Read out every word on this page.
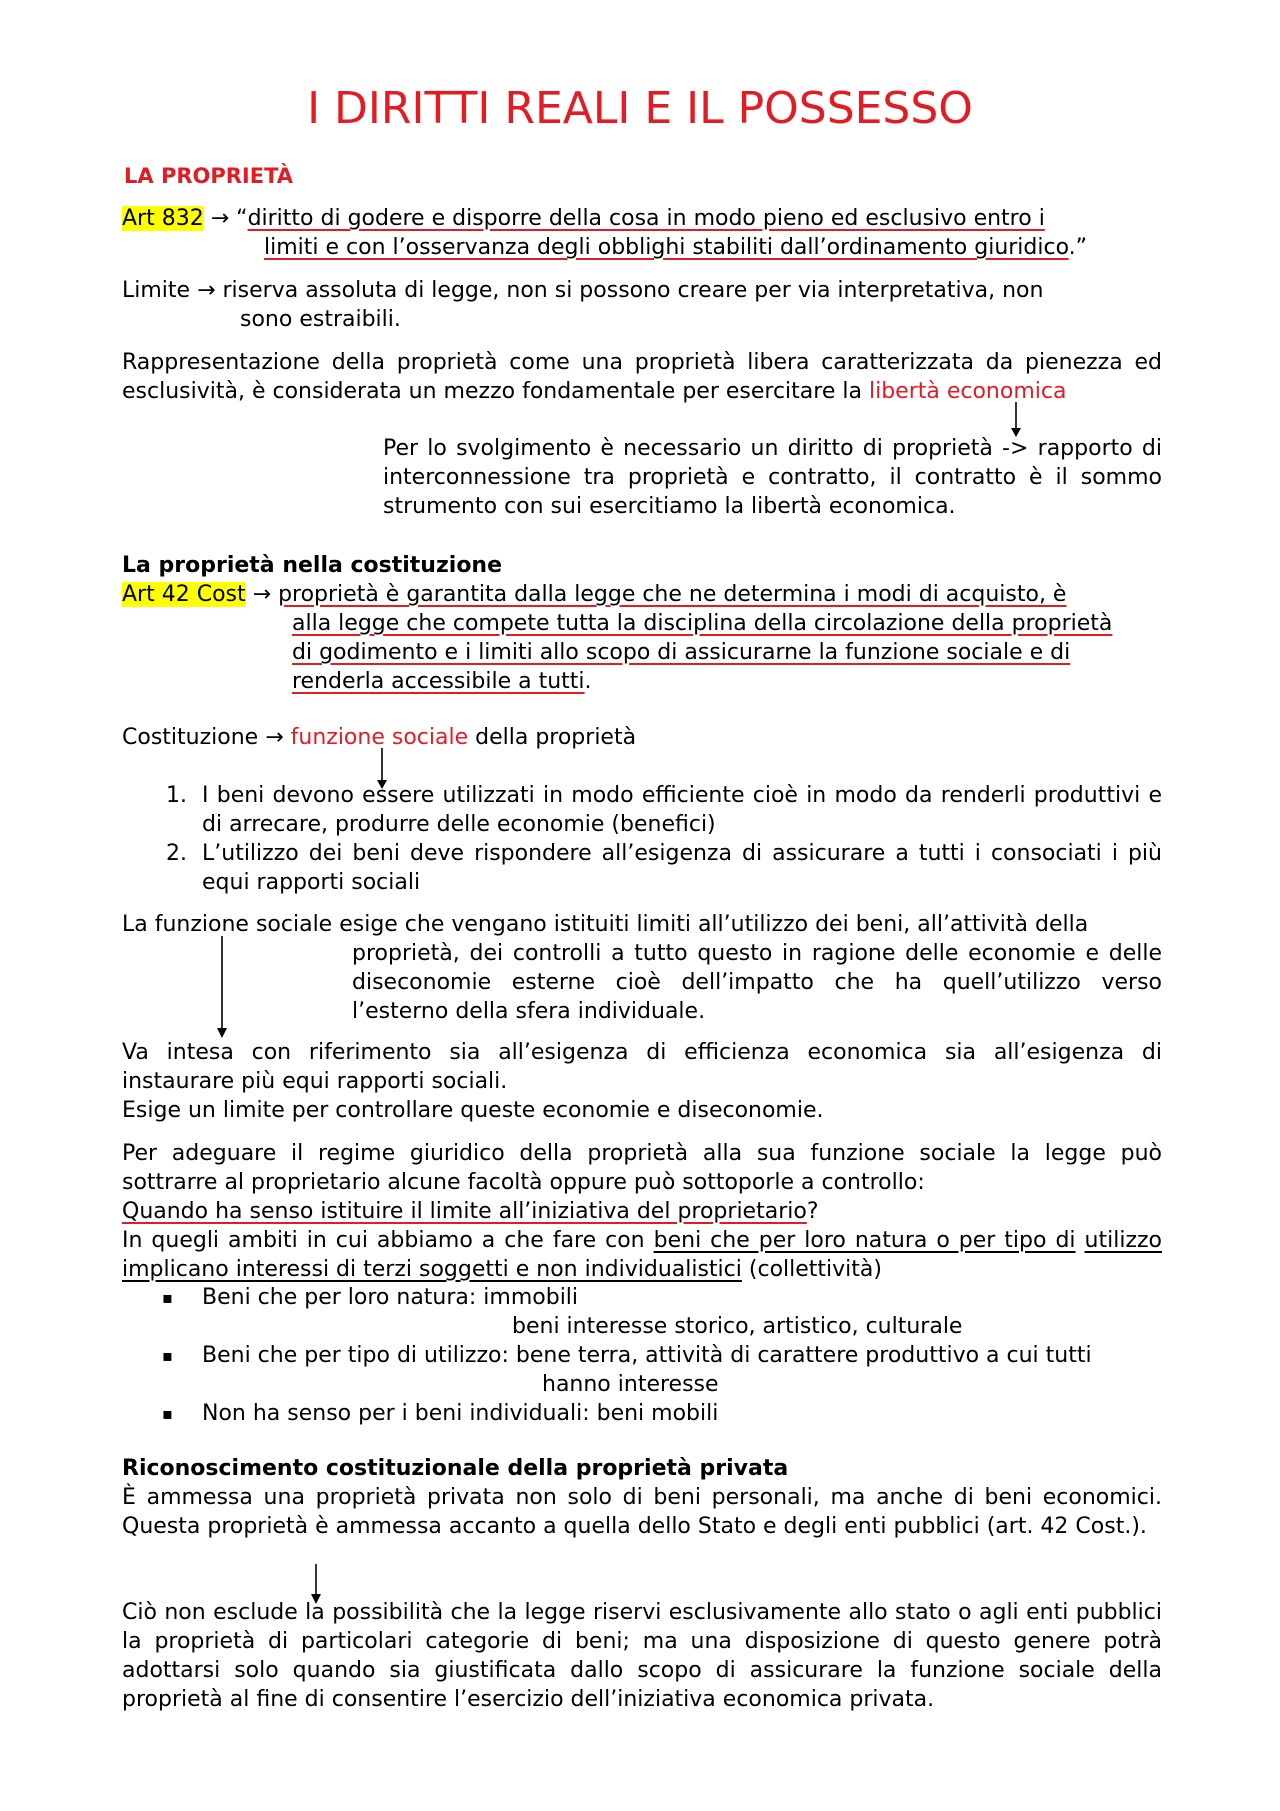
I DIRITTI REALI E IL POSSESSO
LA PROPRIETÀ
Art 832 → “diritto di godere e disporre della cosa in modo pieno ed esclusivo entro i
limiti e con l’osservanza degli obblighi stabiliti dall’ordinamento giuridico.”
Limite → riserva assoluta di legge, non si possono creare per via interpretativa, non
sono estraibili.

Rappresentazione della proprietà come una proprietà libera caratterizzata da pienezza ed esclusività, è considerata un mezzo fondamentale per esercitare la libertà economica

Per lo svolgimento è necessario un diritto di proprietà -> rapporto di interconnessione tra proprietà e contratto, il contratto è il sommo strumento con sui esercitiamo la libertà economica.

La proprietà nella costituzione
Art 42 Cost → proprietà è garantita dalla legge che ne determina i modi di acquisto, è
alla legge che compete tutta la disciplina della circolazione della proprietà
di godimento e i limiti allo scopo di assicurarne la funzione sociale e di
renderla accessibile a tutti.
Costituzione → funzione sociale della proprietà
1. I beni devono essere utilizzati in modo efficiente cioè in modo da renderli produttivi e di arrecare, produrre delle economie (benefici)
2. L’utilizzo dei beni deve rispondere all’esigenza di assicurare a tutti i consociati i più equi rapporti sociali
La funzione sociale esige che vengano istituiti limiti all’utilizzo dei beni, all’attività della
proprietà, dei controlli a tutto questo in ragione delle economie e delle diseconomie esterne cioè dell’impatto che ha quell’utilizzo verso l’esterno della sfera individuale.
Va intesa con riferimento sia all’esigenza di efficienza economica sia all’esigenza di instaurare più equi rapporti sociali.
Esige un limite per controllare queste economie e diseconomie.
Per adeguare il regime giuridico della proprietà alla sua funzione sociale la legge può sottrarre al proprietario alcune facoltà oppure può sottoporle a controllo:
Quando ha senso istituire il limite all’iniziativa del proprietario?
In quegli ambiti in cui abbiamo a che fare con beni che per loro natura o per tipo di utilizzo implicano interessi di terzi soggetti e non individualistici (collettività)
▪ Beni che per loro natura: immobili
beni interesse storico, artistico, culturale
▪ Beni che per tipo di utilizzo: bene terra, attività di carattere produttivo a cui tutti
hanno interesse
▪ Non ha senso per i beni individuali: beni mobili
Riconoscimento costituzionale della proprietà privata

È ammessa una proprietà privata non solo di beni personali, ma anche di beni economici. Questa proprietà è ammessa accanto a quella dello Stato e degli enti pubblici (art. 42 Cost.).

Ciò non esclude la possibilità che la legge riservi esclusivamente allo stato o agli enti pubblici la proprietà di particolari categorie di beni; ma una disposizione di questo genere potrà adottarsi solo quando sia giustificata dallo scopo di assicurare la funzione sociale della proprietà al fine di consentire l’esercizio dell’iniziativa economica privata.
